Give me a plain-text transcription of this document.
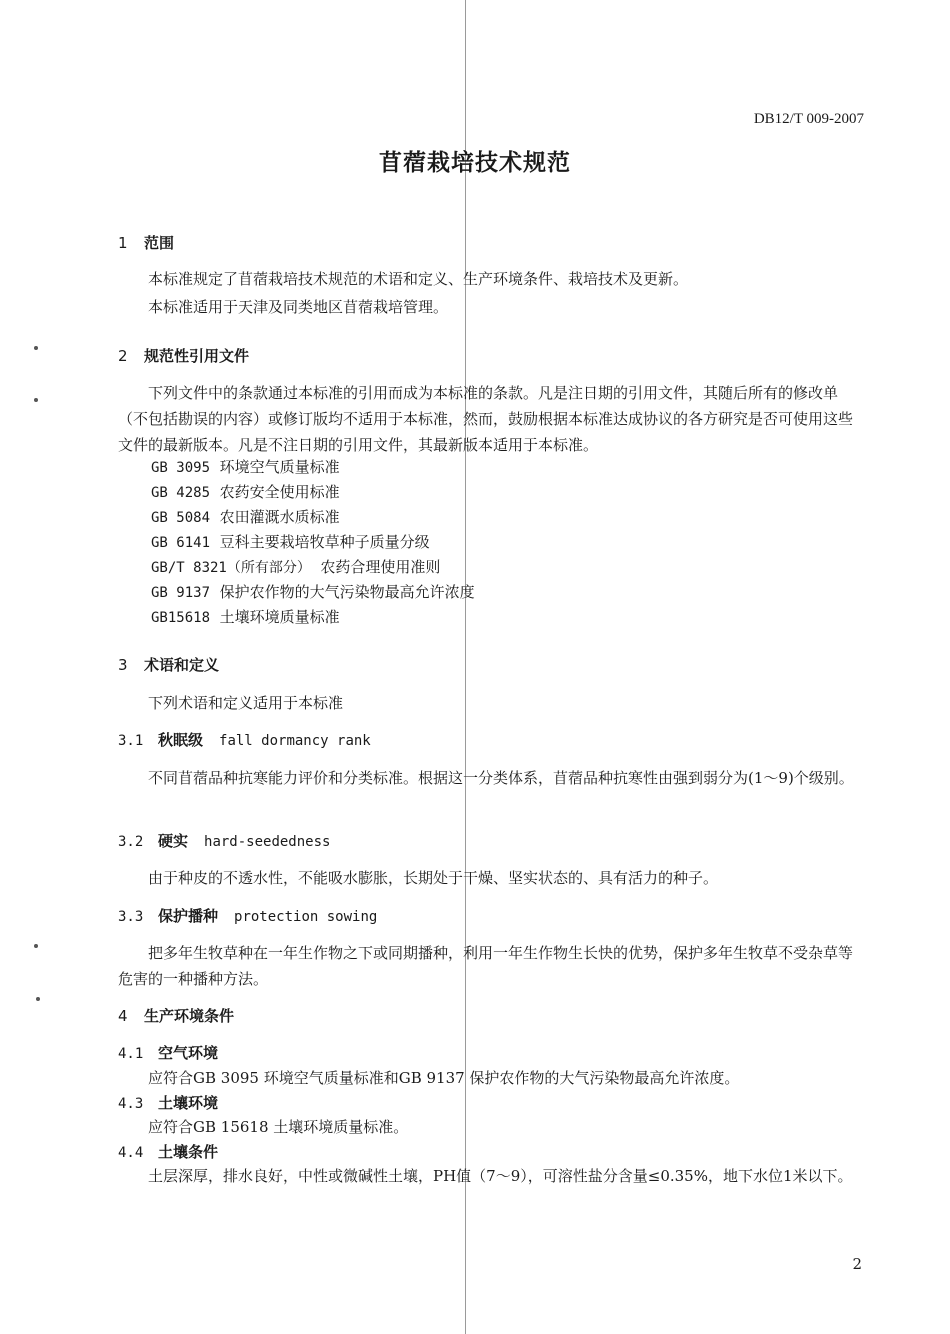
DB12/T 009-2007
苜蓿栽培技术规范
1 范围
本标准规定了苜蓿栽培技术规范的术语和定义、生产环境条件、栽培技术及更新。
本标准适用于天津及同类地区苜蓿栽培管理。
2 规范性引用文件
下列文件中的条款通过本标准的引用而成为本标准的条款。凡是注日期的引用文件，其随后所有的修改单（不包括勘误的内容）或修订版均不适用于本标准，然而，鼓励根据本标准达成协议的各方研究是否可使用这些文件的最新版本。凡是不注日期的引用文件，其最新版本适用于本标准。
GB 3095 环境空气质量标准
GB 4285 农药安全使用标准
GB 5084 农田灌溉水质标准
GB 6141 豆科主要栽培牧草种子质量分级
GB/T 8321（所有部分） 农药合理使用准则
GB 9137 保护农作物的大气污染物最高允许浓度
GB15618 土壤环境质量标准
3 术语和定义
下列术语和定义适用于本标准
3.1 秋眠级 fall dormancy rank
不同苜蓿品种抗寒能力评价和分类标准。根据这一分类体系，苜蓿品种抗寒性由强到弱分为(1～9)个级别。
3.2 硬实 hard-seededness
由于种皮的不透水性，不能吸水膨胀，长期处于干燥、坚实状态的、具有活力的种子。
3.3 保护播种 protection sowing
把多年生牧草种在一年生作物之下或同期播种，利用一年生作物生长快的优势，保护多年生牧草不受杂草等危害的一种播种方法。
4 生产环境条件
4.1 空气环境
应符合GB 3095 环境空气质量标准和GB 9137 保护农作物的大气污染物最高允许浓度。
4.3 土壤环境
应符合GB 15618 土壤环境质量标准。
4.4 土壤条件
土层深厚，排水良好，中性或微碱性土壤，PH值（7～9），可溶性盐分含量≤0.35%，地下水位1米以下。
2
